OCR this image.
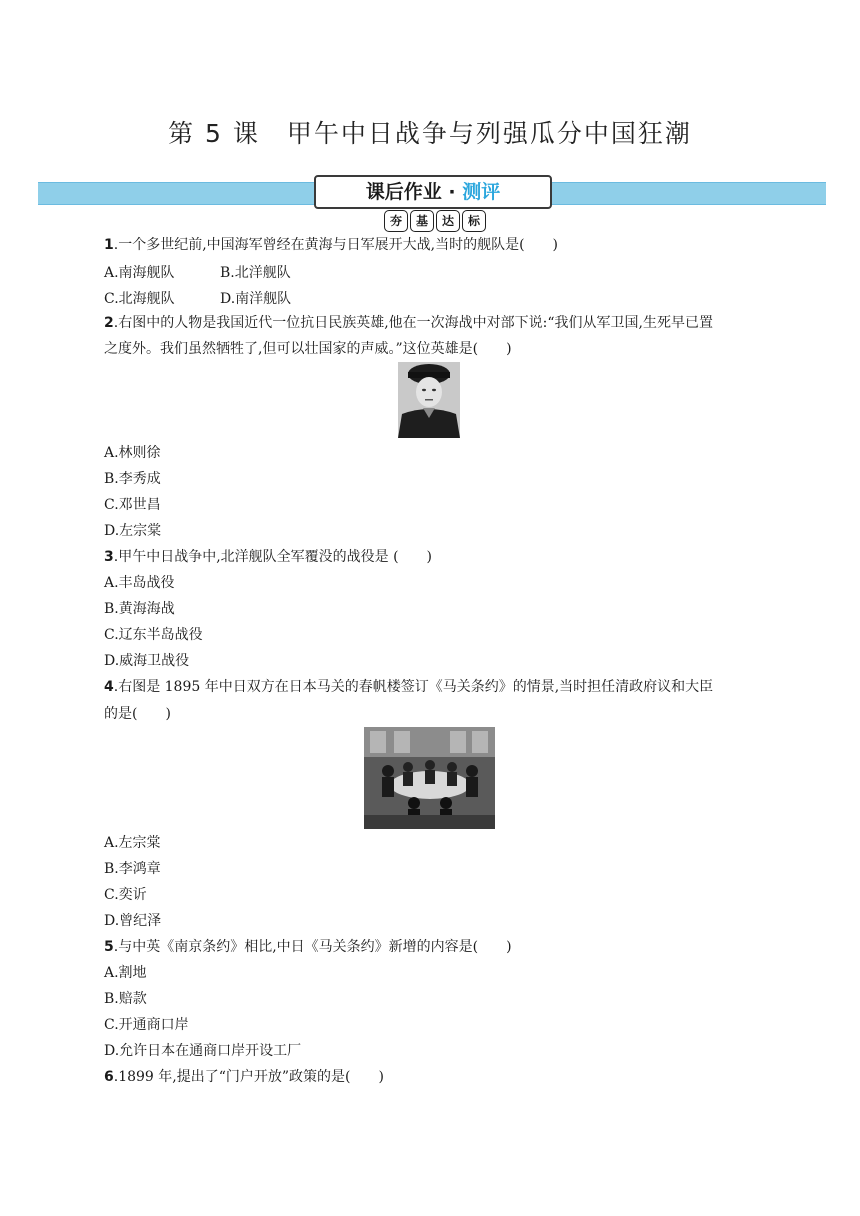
第 5 课　甲午中日战争与列强瓜分中国狂潮
课后作业 · 测评
夯	基	达	标
1.一个多世纪前,中国海军曾经在黄海与日军展开大战,当时的舰队是(　　)
A.南海舰队	B.北洋舰队
C.北海舰队	D.南洋舰队
2.右图中的人物是我国近代一位抗日民族英雄,他在一次海战中对部下说:“我们从军卫国,生死早已置
之度外。我们虽然牺牲了,但可以壮国家的声威。”这位英雄是(　　)
A.林则徐
B.李秀成
C.邓世昌
D.左宗棠
3.甲午中日战争中,北洋舰队全军覆没的战役是 (　　)
A.丰岛战役
B.黄海海战
C.辽东半岛战役
D.威海卫战役
4.右图是 1895 年中日双方在日本马关的春帆楼签订《马关条约》的情景,当时担任清政府议和大臣
的是(　　)
A.左宗棠
B.李鸿章
C.奕䜣
D.曾纪泽
5.与中英《南京条约》相比,中日《马关条约》新增的内容是(　　)
A.割地
B.赔款
C.开通商口岸
D.允许日本在通商口岸开设工厂
6.1899 年,提出了“门户开放”政策的是(　　)
